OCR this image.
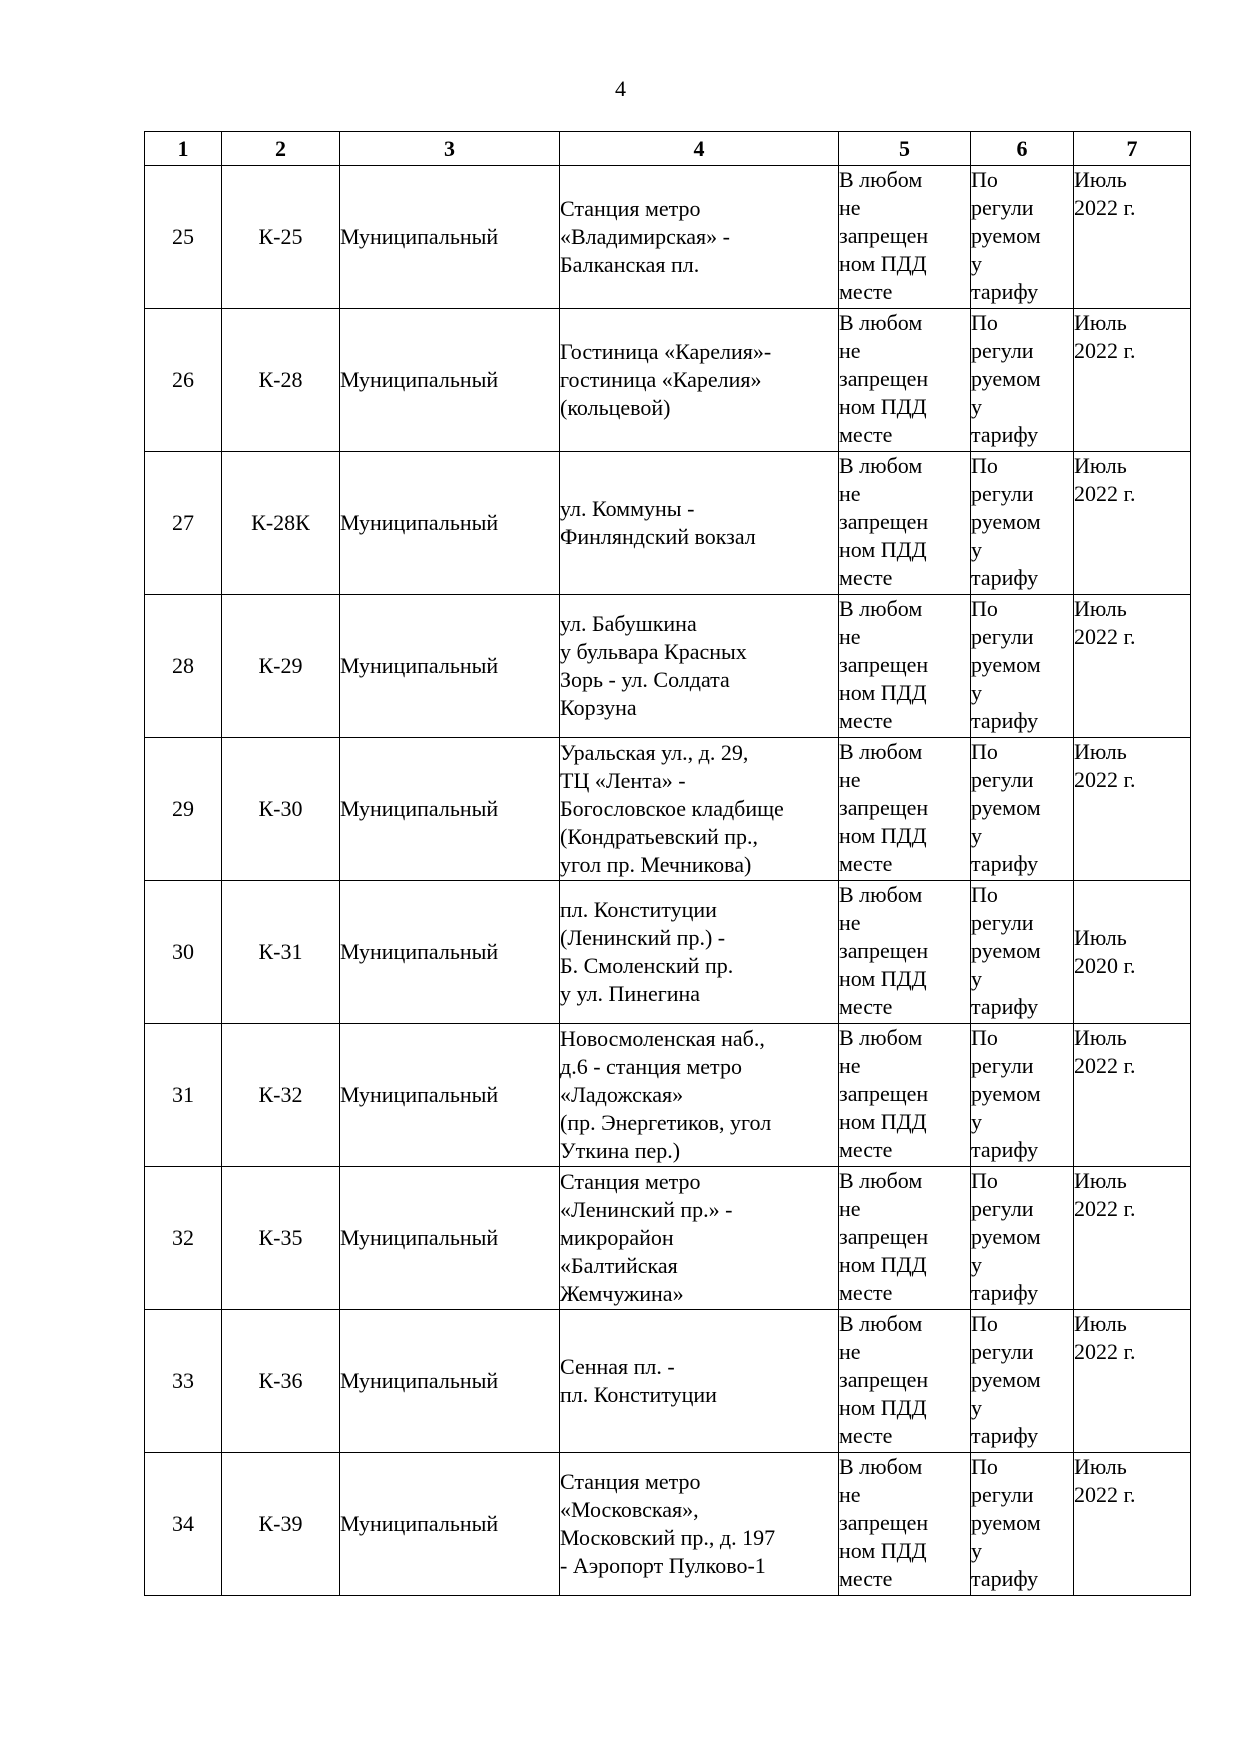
4
1	2	3	4	5	6	7
25	К-25	Муниципальный	Станция метро
«Владимирская» -
Балканская пл.	В любом
не
запрещен
ном ПДД
месте	По
регули
руемом
у
тарифу	Июль
2022 г.
26	К-28	Муниципальный	Гостиница «Карелия»-
гостиница «Карелия»
(кольцевой)	В любом
не
запрещен
ном ПДД
месте	По
регули
руемом
у
тарифу	Июль
2022 г.
27	К-28К	Муниципальный	ул. Коммуны -
Финляндский вокзал	В любом
не
запрещен
ном ПДД
месте	По
регули
руемом
у
тарифу	Июль
2022 г.
28	К-29	Муниципальный	ул. Бабушкина
у бульвара Красных
Зорь - ул. Солдата
Корзуна	В любом
не
запрещен
ном ПДД
месте	По
регули
руемом
у
тарифу	Июль
2022 г.
29	К-30	Муниципальный	Уральская ул., д. 29,
ТЦ «Лента» -
Богословское кладбище
(Кондратьевский пр.,
угол пр. Мечникова)	В любом
не
запрещен
ном ПДД
месте	По
регули
руемом
у
тарифу	Июль
2022 г.
30	К-31	Муниципальный	пл. Конституции
(Ленинский пр.) -
Б. Смоленский пр.
у ул. Пинегина	В любом
не
запрещен
ном ПДД
месте	По
регули
руемом
у
тарифу	Июль
2020 г.
31	К-32	Муниципальный	Новосмоленская наб.,
д.6 - станция метро
«Ладожская»
(пр. Энергетиков, угол
Уткина пер.)	В любом
не
запрещен
ном ПДД
месте	По
регули
руемом
у
тарифу	Июль
2022 г.
32	К-35	Муниципальный	Станция метро
«Ленинский пр.» -
микрорайон
«Балтийская
Жемчужина»	В любом
не
запрещен
ном ПДД
месте	По
регули
руемом
у
тарифу	Июль
2022 г.
33	К-36	Муниципальный	Сенная пл. -
пл. Конституции	В любом
не
запрещен
ном ПДД
месте	По
регули
руемом
у
тарифу	Июль
2022 г.
34	К-39	Муниципальный	Станция метро
«Московская»,
Московский пр., д. 197
- Аэропорт Пулково-1	В любом
не
запрещен
ном ПДД
месте	По
регули
руемом
у
тарифу	Июль
2022 г.
